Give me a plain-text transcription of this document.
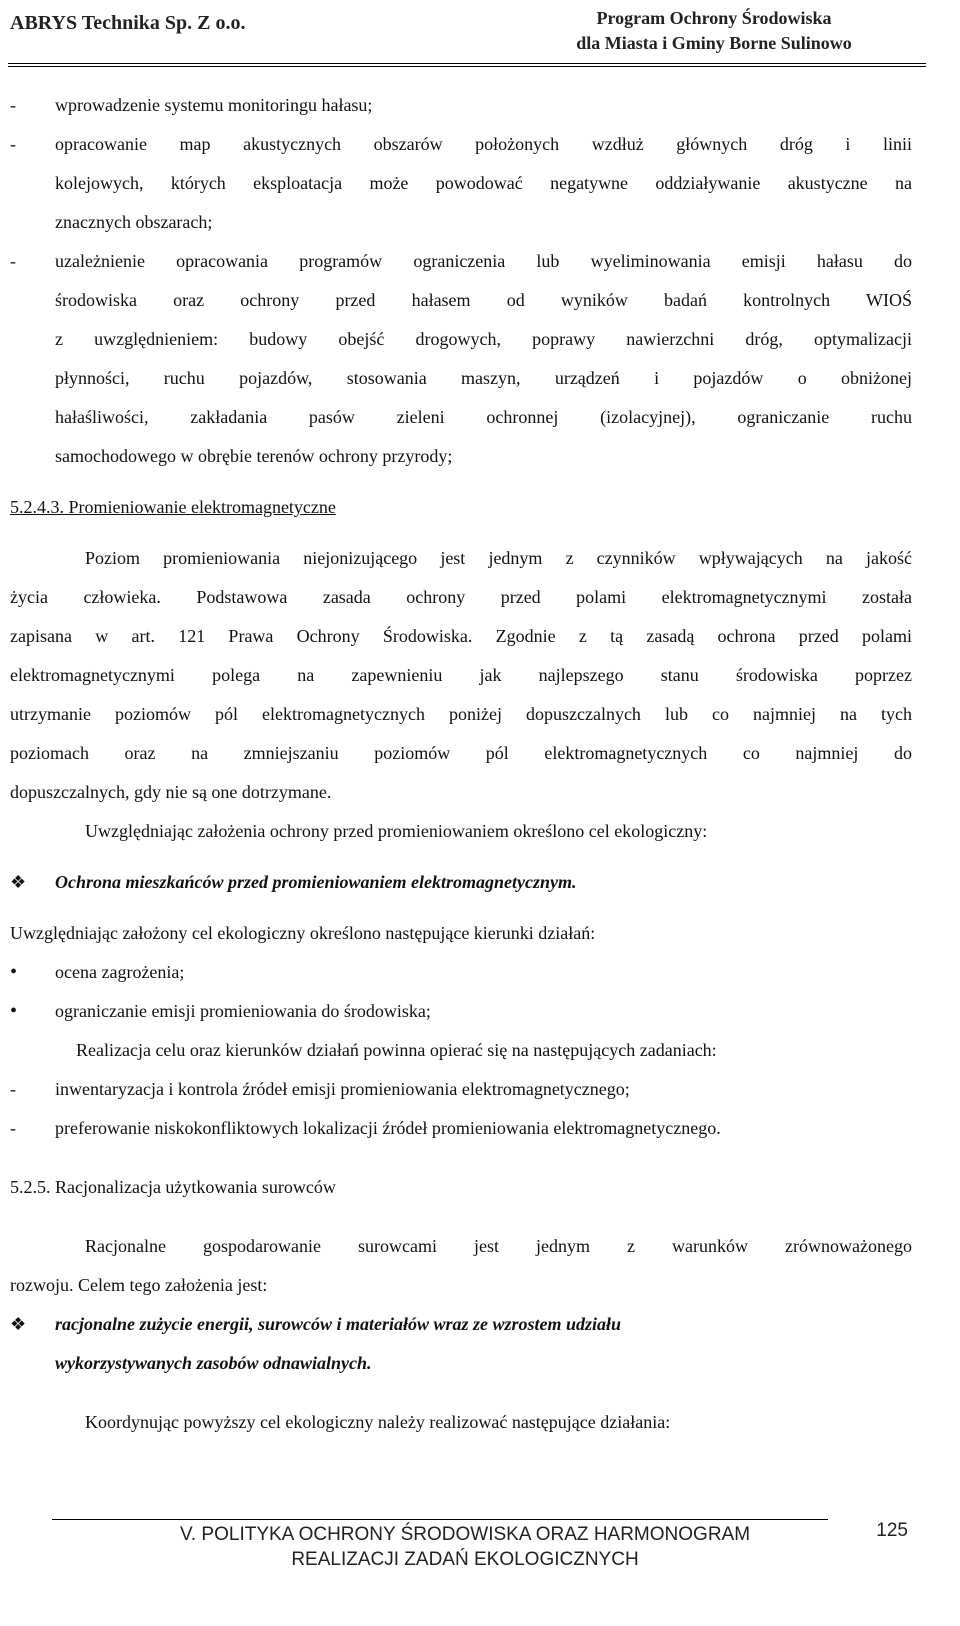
ABRYS Technika Sp. Z o.o.	Program Ochrony Środowiska
dla Miasta i Gminy Borne Sulinowo
- wprowadzenie systemu monitoringu hałasu;
- opracowanie map akustycznych obszarów położonych wzdłuż głównych dróg i linii
kolejowych, których eksploatacja może powodować negatywne oddziaływanie akustyczne na
znacznych obszarach;
- uzależnienie opracowania programów ograniczenia lub wyeliminowania emisji hałasu do
środowiska oraz ochrony przed hałasem od wyników badań kontrolnych WIOŚ
z uwzględnieniem: budowy obejść drogowych, poprawy nawierzchni dróg, optymalizacji
płynności, ruchu pojazdów, stosowania maszyn, urządzeń i pojazdów o obniżonej
hałaśliwości, zakładania pasów zieleni ochronnej (izolacyjnej), ograniczanie ruchu
samochodowego w obrębie terenów ochrony przyrody;
5.2.4.3. Promieniowanie elektromagnetyczne
Poziom promieniowania niejonizującego jest jednym z czynników wpływających na jakość
życia człowieka. Podstawowa zasada ochrony przed polami elektromagnetycznymi została
zapisana w art. 121 Prawa Ochrony Środowiska. Zgodnie z tą zasadą ochrona przed polami
elektromagnetycznymi polega na zapewnieniu jak najlepszego stanu środowiska poprzez
utrzymanie poziomów pól elektromagnetycznych poniżej dopuszczalnych lub co najmniej na tych
poziomach oraz na zmniejszaniu poziomów pól elektromagnetycznych co najmniej do
dopuszczalnych, gdy nie są one dotrzymane.
Uwzględniając założenia ochrony przed promieniowaniem określono cel ekologiczny:
❖ Ochrona mieszkańców przed promieniowaniem elektromagnetycznym.
Uwzględniając założony cel ekologiczny określono następujące kierunki działań:
• ocena zagrożenia;
• ograniczanie emisji promieniowania do środowiska;
Realizacja celu oraz kierunków działań powinna opierać się na następujących zadaniach:
- inwentaryzacja i kontrola źródeł emisji promieniowania elektromagnetycznego;
- preferowanie niskokonfliktowych lokalizacji źródeł promieniowania elektromagnetycznego.
5.2.5. Racjonalizacja użytkowania surowców
Racjonalne gospodarowanie surowcami jest jednym z warunków zrównoważonego
rozwoju. Celem tego założenia jest:
❖ racjonalne zużycie energii, surowców i materiałów wraz ze wzrostem udziału
wykorzystywanych zasobów odnawialnych.
Koordynując powyższy cel ekologiczny należy realizować następujące działania:
V. POLITYKA OCHRONY ŚRODOWISKA ORAZ HARMONOGRAM
REALIZACJI ZADAŃ EKOLOGICZNYCH
125
